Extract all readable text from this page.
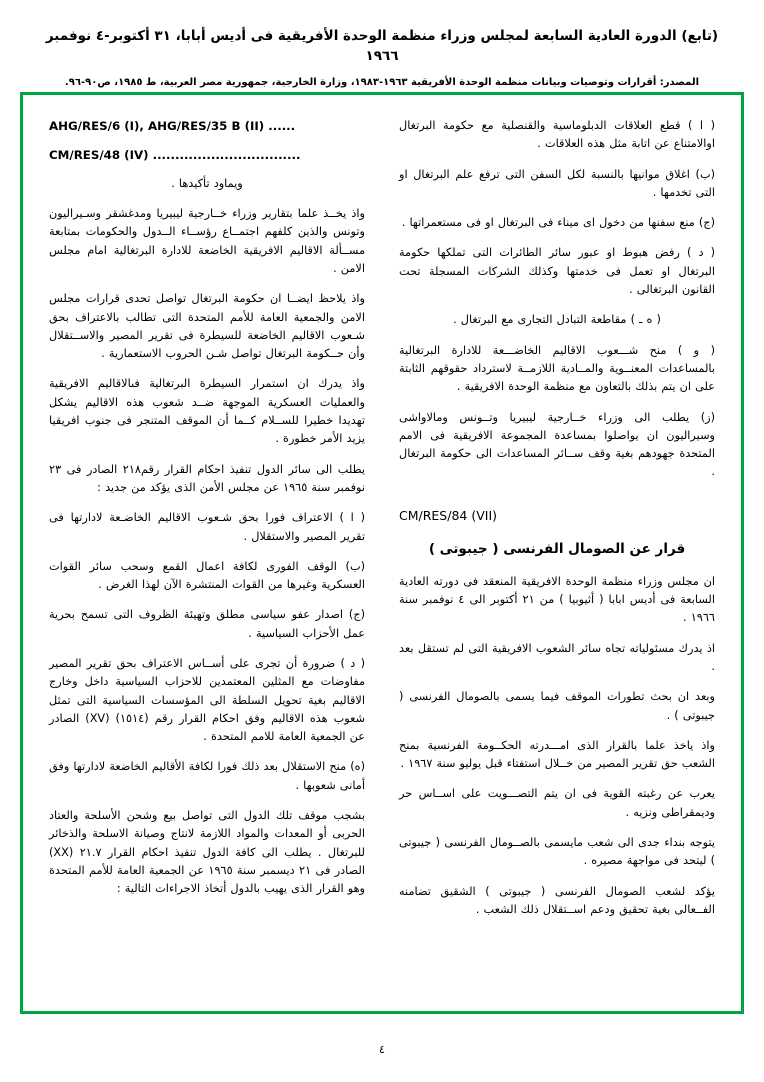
(تابع) الدورة العادية السابعة لمجلس وزراء منظمة الوحدة الأفريقية فى أديس أبابا، ٣١ أكتوبر-٤ نوفمبر ١٩٦٦
المصدر: أقرارات وتوصيات وبيانات منظمة الوحدة الأفريقية ١٩٦٣-١٩٨٣، وزارة الخارجية، جمهورية مصر العربية، ط ١٩٨٥، ص٩٠-٩٦.

( ا ) قطع العلاقات الدبلوماسية والقنصلية مع حكومة البرتغال اوالامتناع عن اتابة مثل هذه العلاقات .

(ب) اغلاق موانيها بالنسبة لكل السفن التى ترفع علم البرتغال او التى تخدمها .

(ج) منع سفنها من دخول اى ميناء فى البرتغال او فى مستعمراتها .

( د ) رفض هبوط او عبور سائر الطائرات التى تملكها حكومة البرتغال او تعمل فى خدمتها وكذلك الشركات المسجلة تحت القانون البرتغالى .

( ه ـ ) مقاطعة التبادل التجارى مع البرتغال .

( و ) منح شـــعوب الاقاليم الخاضـــعة للادارة البرتغالية بالمساعدات المعنــوية والمــادية اللازمــة لاسترداد حقوقهم الثابتة على ان يتم بذلك بالتعاون مع منظمة الوحدة الافريقية .

(ز) يطلب الى وزراء خــارجية ليبيريا وتــونس ومالاواشى وسيراليون ان يواصلوا بمساعدة المجموعة الافريقية فى الامم المتحدة جهودهم بغية وقف ســائر المساعدات الى حكومة البرتغال .

CM/RES/84 (VII)

قرار عن الصومال الفرنسى ( جيبوتى )

ان مجلس وزراء منظمة الوحدة الافريقية المنعقد فى دورته العادية السابعة فى أديس ابابا ( أثيوبيا ) من ٢١ أكتوبر الى ٤ نوفمبر سنة ١٩٦٦ .

اذ يدرك مسئولياته تجاه سائر الشعوب الافريقية التى لم تستقل بعد .

وبعد ان بحث تطورات الموقف فيما يسمى بالصومال الفرنسى ( جيبوتى ) .

واذ ياخذ علما بالقرار الذى امـــدرته الحكــومة الفرنسية بمنح الشعب حق تقرير المصير من خــلال استفتاء قبل يوليو سنة ١٩٦٧ .

يعرب عن رغبته القوية فى ان يتم التصـــويت على اســاس حر وديمقراطى ونزيه .

يتوجه بنداء جدى الى شعب مايسمى بالصــومال الفرنسى ( جيبوتى ) ليتحد فى مواجهة مصيره .

يؤكد لشعب الصومال الفرنسى ( جيبوتى ) الشقيق تضامنه الفــعالى بغية تحقيق ودعم اســتقلال ذلك الشعب .

AHG/RES/6 (I), AHG/RES/35 B (II) ......

CM/RES/48 (IV) .................................

ويماود تأكيدها .

واذ يخــذ علما بتقارير وزراء خــارجية ليبيريا ومدغشقر وسـيراليون وتونس والذين كلفهم اجتمــاع رؤســاء الــدول والحكومات بمتابعة مســألة الاقاليم الافريقية الخاضعة للادارة البرتغالية امام مجلس الامن .

واذ يلاحظ ايضــا ان حكومة البرتغال تواصل تحدى قرارات مجلس الامن والجمعية العامة للأمم المتحدة التى تطالب بالاعتراف بحق شـعوب الاقاليم الخاضعة للسيطرة فى تقرير المصير والاســتقلال وأن حــكومة البرتغال تواصل شـن الحروب الاستعمارية .

واذ يدرك ان استمرار السيطرة البرتغالية فىالاقاليم الافريقية والعمليات العسكرية الموجهة ضــد شعوب هذه الاقاليم يشكل تهديدا خطيرا للســلام كــما أن الموقف المتنجر فى جنوب افريقيا يزيد الأمر خطورة .

يطلب الى سائر الدول تنفيذ احكام القرار رقم٢١٨ الصادر فى ٢٣ نوفمبر سنة ١٩٦٥ عن مجلس الأمن الذى يؤكد من جديد :

( ا ) الاعتراف فورا بحق شـعوب الاقاليم الخاضـعة لادارتها فى تقرير المصير والاستقلال .

(ب) الوقف الفورى لكافة اعمال القمع وسحب سائر القوات العسكرية وغيرها من القوات المنتشرة الآن لهذا الغرض .

(ج) اصدار عفو سياسى مطلق وتهيئة الظروف التى تسمح بحرية عمل الأحزاب السياسية .

( د ) ضرورة أن تجرى على أســاس الاعتراف بحق تقرير المصير مفاوضات مع المثلين المعتمدين للاحزاب السياسية داخل وخارج الاقاليم بغية تحويل السلطة الى المؤسسات السياسية التى تمثل شعوب هذه الاقاليم وفق احكام القرار رقم (١٥١٤) (XV) الصادر عن الجمعية العامة للامم المتحدة .

(ه) منح الاستقلال بعد ذلك فورا لكافة الأقاليم الخاضعة لادارتها وفق أمانى شعوبها .

بشجب موقف تلك الدول التى تواصل بيع وشحن الأسلحة والعتاد الحربى أو المعدات والمواد اللازمة لانتاج وصيانة الاسلحة والذخائر للبرتغال . يطلب الى كافة الدول تنفيذ احكام القرار ٢١.٧ (XX) الصادر فى ٢١ ديسمبر سنة ١٩٦٥ عن الجمعية العامة للأمم المتحدة وهو القرار الذى يهيب بالدول أتخاذ الاجراءات التالية :

٤
